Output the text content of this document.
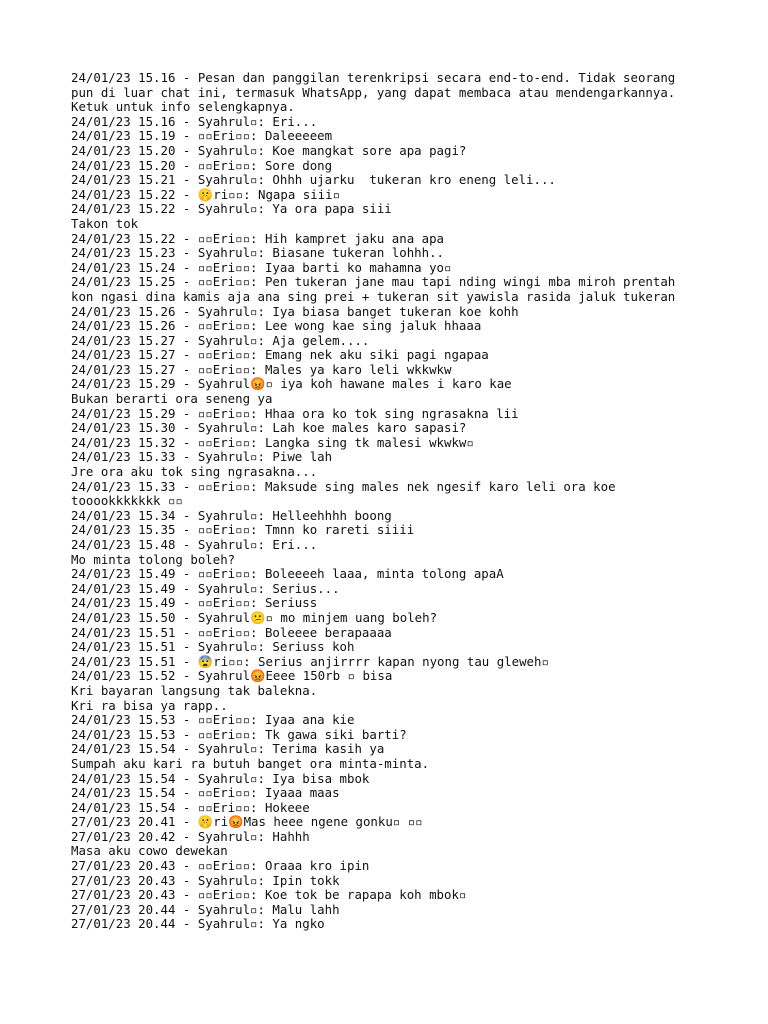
24/01/23 15.16 - Pesan dan panggilan terenkripsi secara end-to-end. Tidak seorang
pun di luar chat ini, termasuk WhatsApp, yang dapat membaca atau mendengarkannya.
Ketuk untuk info selengkapnya.
24/01/23 15.16 - Syahrul▫: Eri...
24/01/23 15.19 - ▫▫Eri▫▫: Daleeeeem
24/01/23 15.20 - Syahrul▫: Koe mangkat sore apa pagi?
24/01/23 15.20 - ▫▫Eri▫▫: Sore dong
24/01/23 15.21 - Syahrul▫: Ohhh ujarku  tukeran kro eneng leli...
24/01/23 15.22 - 🤫ri▫▫: Ngapa siii▫
24/01/23 15.22 - Syahrul▫: Ya ora papa siii
Takon tok
24/01/23 15.22 - ▫▫Eri▫▫: Hih kampret jaku ana apa
24/01/23 15.23 - Syahrul▫: Biasane tukeran lohhh..
24/01/23 15.24 - ▫▫Eri▫▫: Iyaa barti ko mahamna yo▫
24/01/23 15.25 - ▫▫Eri▫▫: Pen tukeran jane mau tapi nding wingi mba miroh prentah
kon ngasi dina kamis aja ana sing prei + tukeran sit yawisla rasida jaluk tukeran
24/01/23 15.26 - Syahrul▫: Iya biasa banget tukeran koe kohh
24/01/23 15.26 - ▫▫Eri▫▫: Lee wong kae sing jaluk hhaaa
24/01/23 15.27 - Syahrul▫: Aja gelem....
24/01/23 15.27 - ▫▫Eri▫▫: Emang nek aku siki pagi ngapaa
24/01/23 15.27 - ▫▫Eri▫▫: Males ya karo leli wkkwkw
24/01/23 15.29 - Syahrul😡▫ iya koh hawane males i karo kae
Bukan berarti ora seneng ya
24/01/23 15.29 - ▫▫Eri▫▫: Hhaa ora ko tok sing ngrasakna lii
24/01/23 15.30 - Syahrul▫: Lah koe males karo sapasi?
24/01/23 15.32 - ▫▫Eri▫▫: Langka sing tk malesi wkwkw▫
24/01/23 15.33 - Syahrul▫: Piwe lah
Jre ora aku tok sing ngrasakna...
24/01/23 15.33 - ▫▫Eri▫▫: Maksude sing males nek ngesif karo leli ora koe
tooookkkkkkk ▫▫
24/01/23 15.34 - Syahrul▫: Helleehhhh boong
24/01/23 15.35 - ▫▫Eri▫▫: Tmnn ko rareti siiii
24/01/23 15.48 - Syahrul▫: Eri...
Mo minta tolong boleh?
24/01/23 15.49 - ▫▫Eri▫▫: Boleeeeh laaa, minta tolong apaA
24/01/23 15.49 - Syahrul▫: Serius...
24/01/23 15.49 - ▫▫Eri▫▫: Seriuss
24/01/23 15.50 - Syahrul😕▫ mo minjem uang boleh?
24/01/23 15.51 - ▫▫Eri▫▫: Boleeee berapaaaa
24/01/23 15.51 - Syahrul▫: Seriuss koh
24/01/23 15.51 - 😨ri▫▫: Serius anjirrrr kapan nyong tau gleweh▫
24/01/23 15.52 - Syahrul😡Eeee 150rb ▫ bisa
Kri bayaran langsung tak balekna.
Kri ra bisa ya rapp..
24/01/23 15.53 - ▫▫Eri▫▫: Iyaa ana kie
24/01/23 15.53 - ▫▫Eri▫▫: Tk gawa siki barti?
24/01/23 15.54 - Syahrul▫: Terima kasih ya
Sumpah aku kari ra butuh banget ora minta-minta.
24/01/23 15.54 - Syahrul▫: Iya bisa mbok
24/01/23 15.54 - ▫▫Eri▫▫: Iyaaa maas
24/01/23 15.54 - ▫▫Eri▫▫: Hokeee
27/01/23 20.41 - 🤫ri😡Mas heee ngene gonku▫ ▫▫
27/01/23 20.42 - Syahrul▫: Hahhh
Masa aku cowo dewekan
27/01/23 20.43 - ▫▫Eri▫▫: Oraaa kro ipin
27/01/23 20.43 - Syahrul▫: Ipin tokk
27/01/23 20.43 - ▫▫Eri▫▫: Koe tok be rapapa koh mbok▫
27/01/23 20.44 - Syahrul▫: Malu lahh
27/01/23 20.44 - Syahrul▫: Ya ngko
